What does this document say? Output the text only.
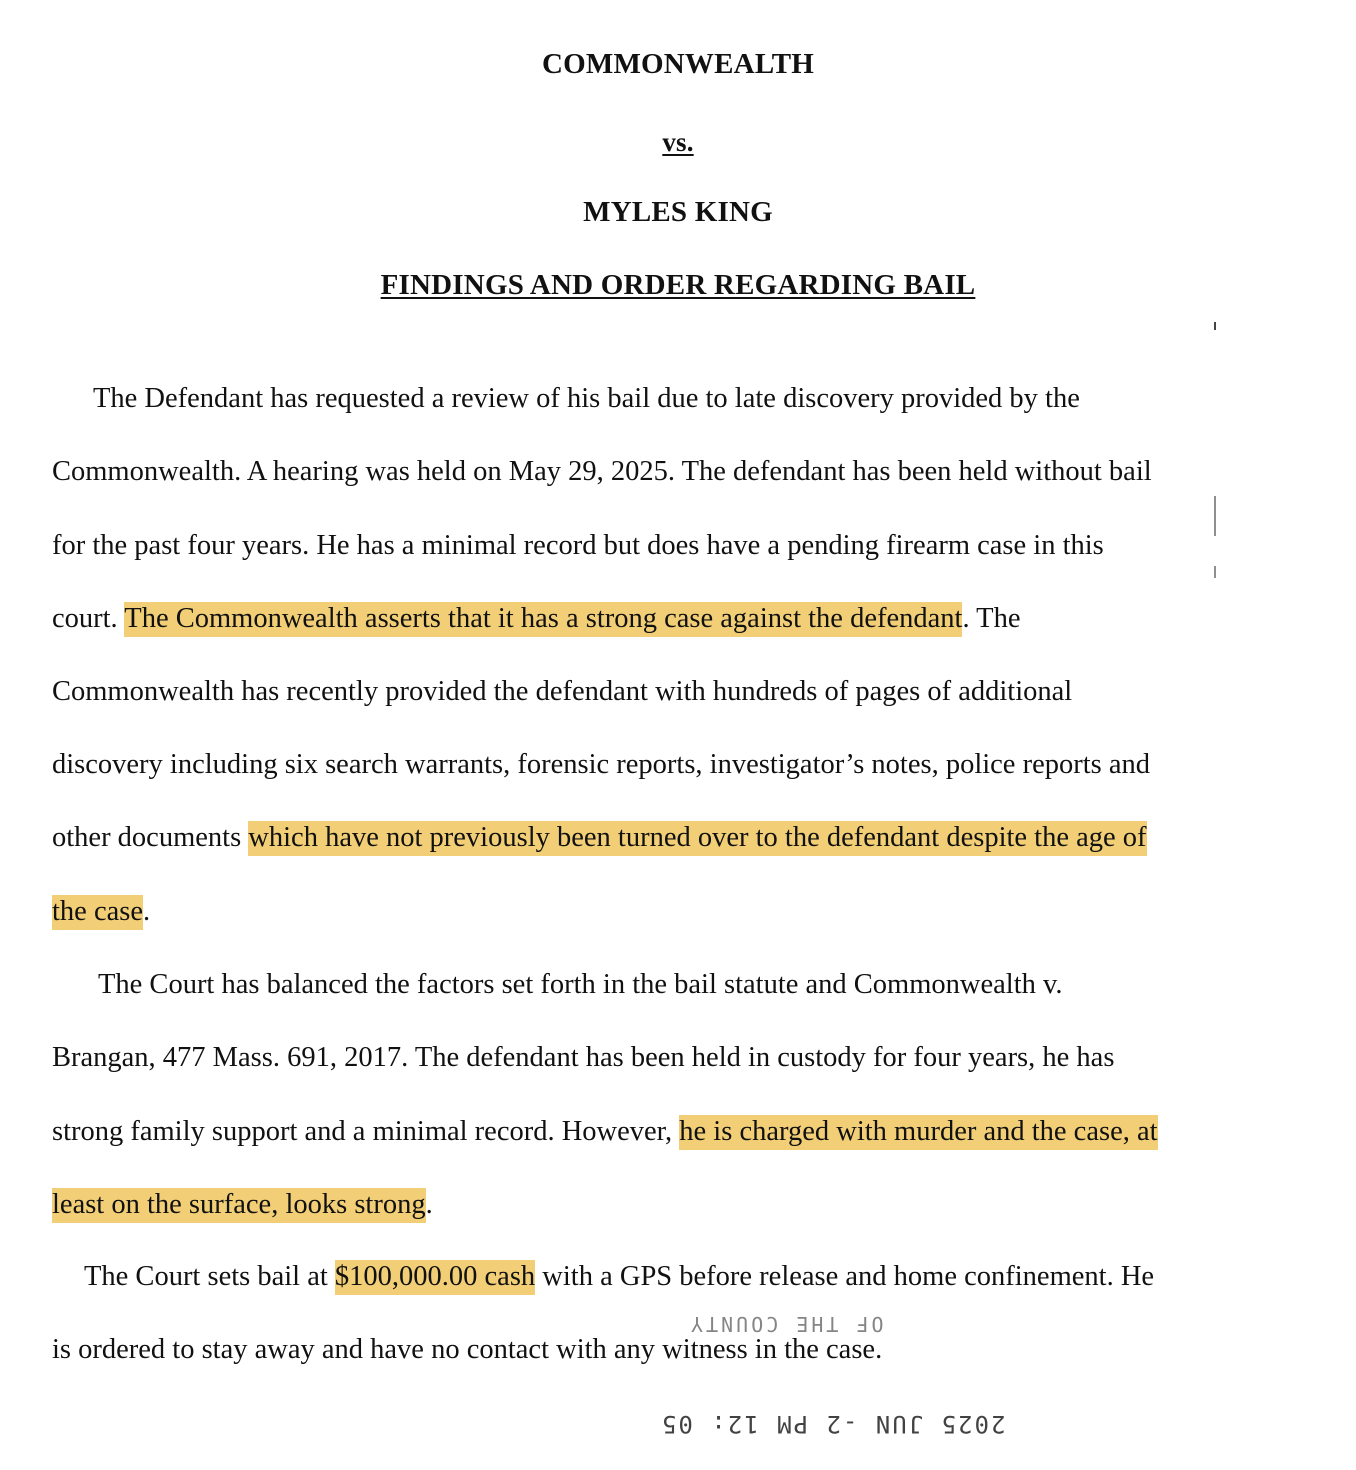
COMMONWEALTH
vs.
MYLES KING
FINDINGS AND ORDER REGARDING BAIL
The Defendant has requested a review of his bail due to late discovery provided by the
Commonwealth. A hearing was held on May 29, 2025. The defendant has been held without bail
for the past four years. He has a minimal record but does have a pending firearm case in this
court. The Commonwealth asserts that it has a strong case against the defendant. The
Commonwealth has recently provided the defendant with hundreds of pages of additional
discovery including six search warrants, forensic reports, investigator’s notes, police reports and
other documents which have not previously been turned over to the defendant despite the age of
the case.
The Court has balanced the factors set forth in the bail statute and Commonwealth v.
Brangan, 477 Mass. 691, 2017. The defendant has been held in custody for four years, he has
strong family support and a minimal record. However, he is charged with murder and the case, at
least on the surface, looks strong.
The Court sets bail at $100,000.00 cash with a GPS before release and home confinement. He
is ordered to stay away and have no contact with any witness in the case.
OF THE COUNTY
2025 JUN -2 PM 12: 05
